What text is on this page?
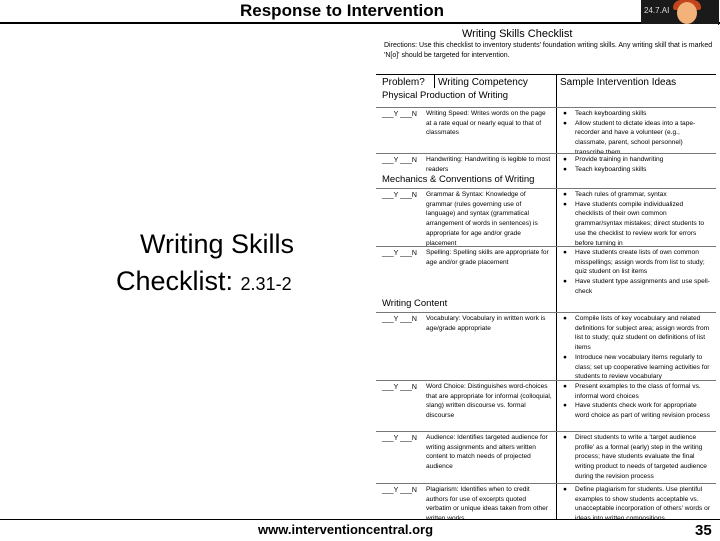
Response to Intervention	24.7.AI
Writing Skills
Checklist: 2.31-2
Writing Skills Checklist
Directions: Use this checklist to inventory students' foundation writing skills. Any writing skill that is marked 'N[o]' should be targeted for intervention.
Problem? Writing Competency	Sample Intervention Ideas
Physical Production of Writing
___Y ___N Writing Speed: Writes words on the page at a rate equal or nearly equal to that of classmates
● Teach keyboarding skills
● Allow student to dictate ideas into a tape-recorder and have a volunteer (e.g., classmate, parent, school personnel) transcribe them
___Y ___N Handwriting: Handwriting is legible to most readers
● Provide training in handwriting
● Teach keyboarding skills
Mechanics & Conventions of Writing
___Y ___N Grammar & Syntax: Knowledge of grammar (rules governing use of language) and syntax (grammatical arrangement of words in sentences) is appropriate for age and/or grade placement
● Teach rules of grammar, syntax
● Have students compile individualized checklists of their own common grammar/syntax mistakes; direct students to use the checklist to review work for errors before turning in
___Y ___N Spelling: Spelling skills are appropriate for age and/or grade placement
● Have students create lists of own common misspellings; assign words from list to study; quiz student on list items
● Have student type assignments and use spell-check
Writing Content
___Y ___N Vocabulary: Vocabulary in written work is age/grade appropriate
● Compile lists of key vocabulary and related definitions for subject area; assign words from list to study; quiz student on definitions of list items
● Introduce new vocabulary items regularly to class; set up cooperative learning activities for students to review vocabulary
___Y ___N Word Choice: Distinguishes word-choices that are appropriate for informal (colloquial, slang) written discourse vs. formal discourse
● Present examples to the class of formal vs. informal word choices
● Have students check work for appropriate word choice as part of writing revision process
___Y ___N Audience: Identifies targeted audience for writing assignments and alters written content to match needs of projected audience
● Direct students to write a 'target audience profile' as a formal (early) step in the writing process; have students evaluate the final writing product to needs of targeted audience during the revision process
___Y ___N Plagiarism: Identifies when to credit authors for use of excerpts quoted verbatim or unique ideas taken from other
● Define plagiarism for students. Use plentiful examples to show students acceptable vs. unacceptable incorporation of others' words or
www.interventioncentral.org	35
